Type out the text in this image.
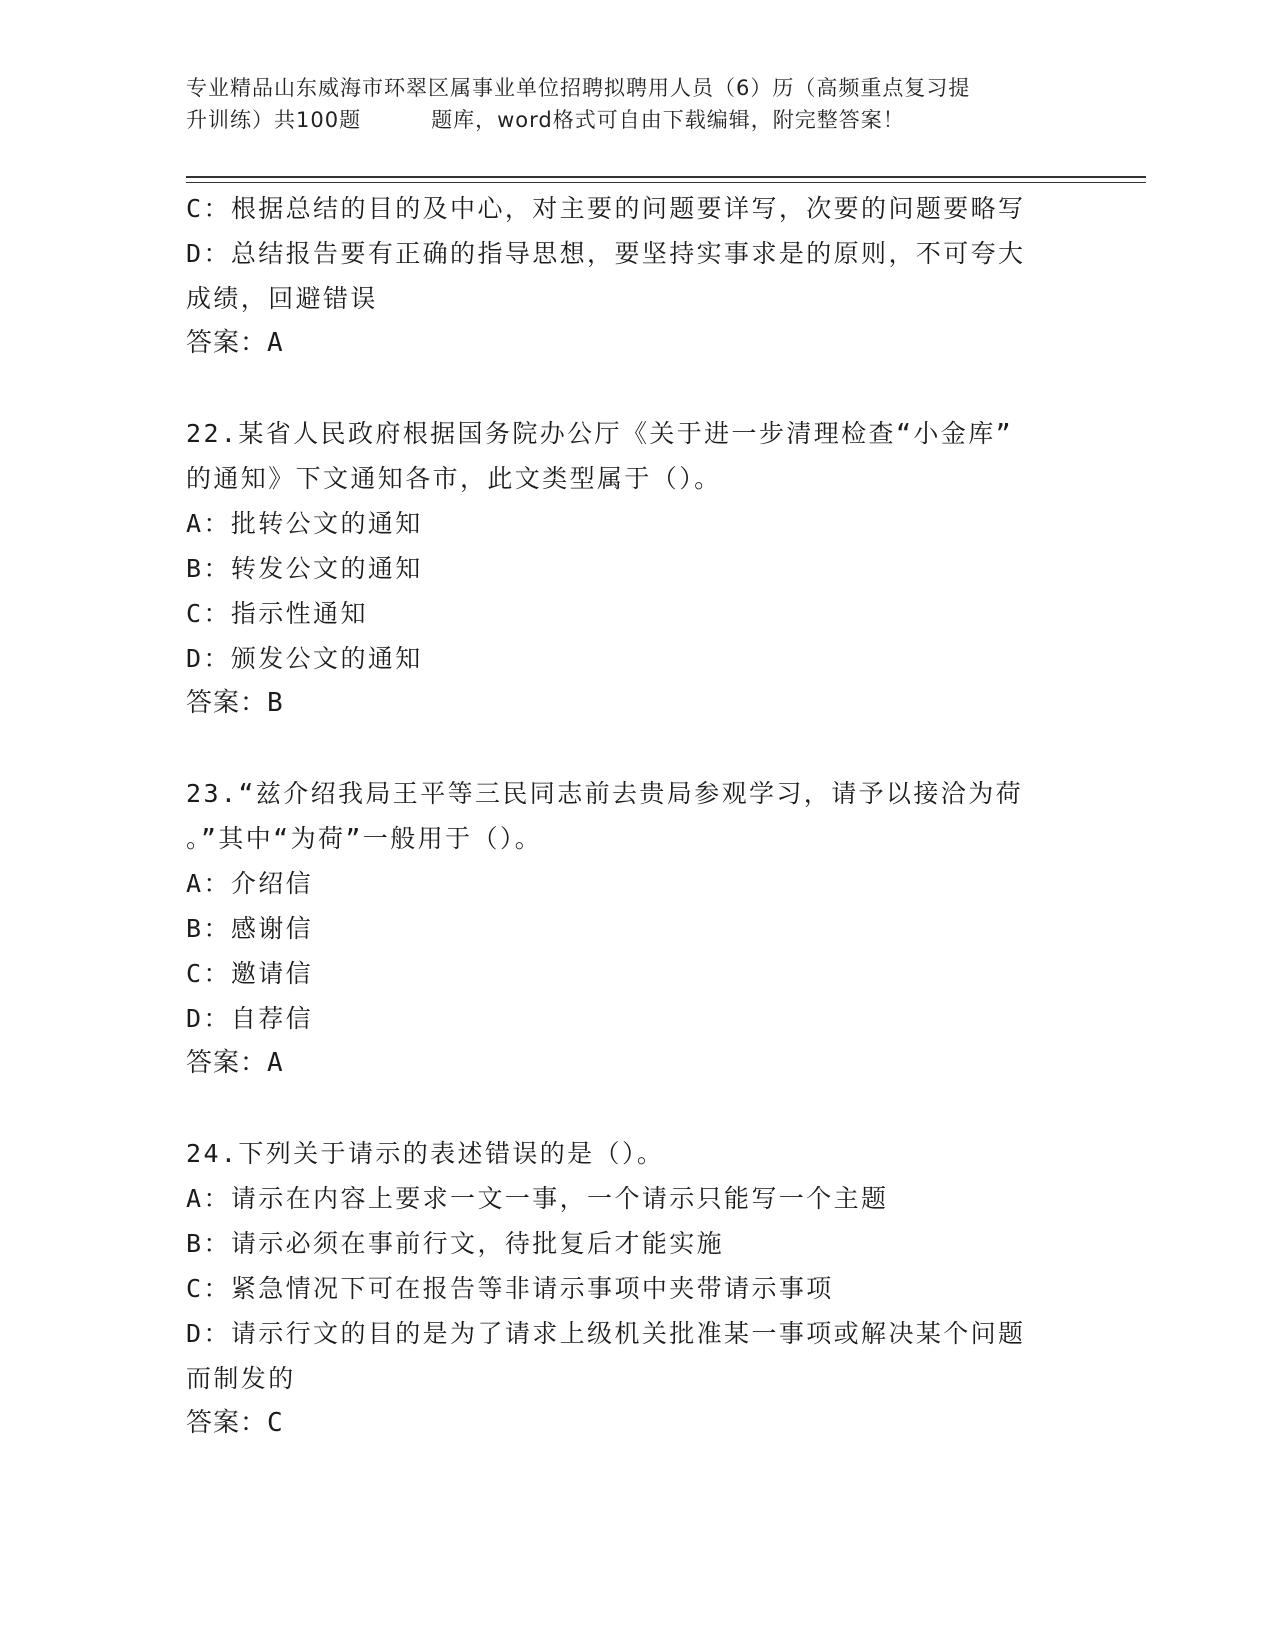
专业精品山东威海市环翠区属事业单位招聘拟聘用人员（6）历（高频重点复习提
升训练）共100题	题库，word格式可自由下载编辑，附完整答案！
C：根据总结的目的及中心，对主要的问题要详写，次要的问题要略写
D：总结报告要有正确的指导思想，要坚持实事求是的原则，不可夸大
成绩，回避错误
答案：A
22.某省人民政府根据国务院办公厅《关于进一步清理检查“小金库”
的通知》下文通知各市，此文类型属于（）。
A：批转公文的通知
B：转发公文的通知
C：指示性通知
D：颁发公文的通知
答案：B
23.“兹介绍我局王平等三民同志前去贵局参观学习，请予以接洽为荷
。”其中“为荷”一般用于（）。
A：介绍信
B：感谢信
C：邀请信
D：自荐信
答案：A
24.下列关于请示的表述错误的是（）。
A：请示在内容上要求一文一事，一个请示只能写一个主题
B：请示必须在事前行文，待批复后才能实施
C：紧急情况下可在报告等非请示事项中夹带请示事项
D：请示行文的目的是为了请求上级机关批准某一事项或解决某个问题
而制发的
答案：C
